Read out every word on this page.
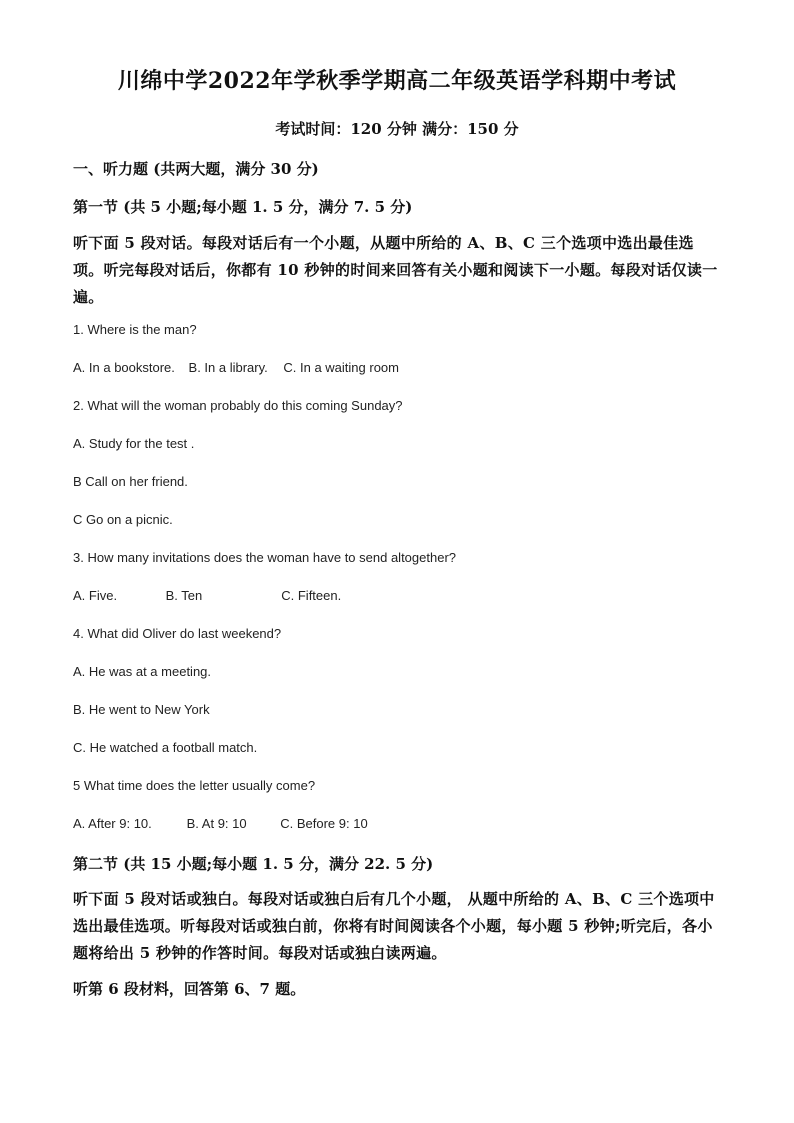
川绵中学2022年学秋季学期高二年级英语学科期中考试
考试时间：120 分钟 满分：150 分
一、听力题 (共两大题，满分 30 分)
第一节 (共 5 小题;每小题 1. 5 分，满分 7. 5 分)
听下面 5 段对话。每段对话后有一个小题，从题中所给的 A、B、C 三个选项中选出最佳选项。听完每段对话后，你都有 10 秒钟的时间来回答有关小题和阅读下一小题。每段对话仅读一遍。
1. Where is the man?
A. In a bookstore. B. In a library. C. In a waiting room
2. What will the woman probably do this coming Sunday?
A. Study for the test .
B Call on her friend.
C Go on a picnic.
3. How many invitations does the woman have to send altogether?
A. Five.	B. Ten	C. Fifteen.
4. What did Oliver do last weekend?
A. He was at a meeting.
B. He went to New York
C. He watched a football match.
5 What time does the letter usually come?
A. After 9: 10.	B. At 9: 10	C. Before 9: 10
第二节 (共 15 小题;每小题 1. 5 分，满分 22. 5 分)
听下面 5 段对话或独白。每段对话或独白后有几个小题， 从题中所给的 A、B、C 三个选项中选出最佳选项。听每段对话或独白前，你将有时间阅读各个小题，每小题 5 秒钟;听完后，各小题将给出 5 秒钟的作答时间。每段对话或独白读两遍。
听第 6 段材料，回答第 6、7 题。
